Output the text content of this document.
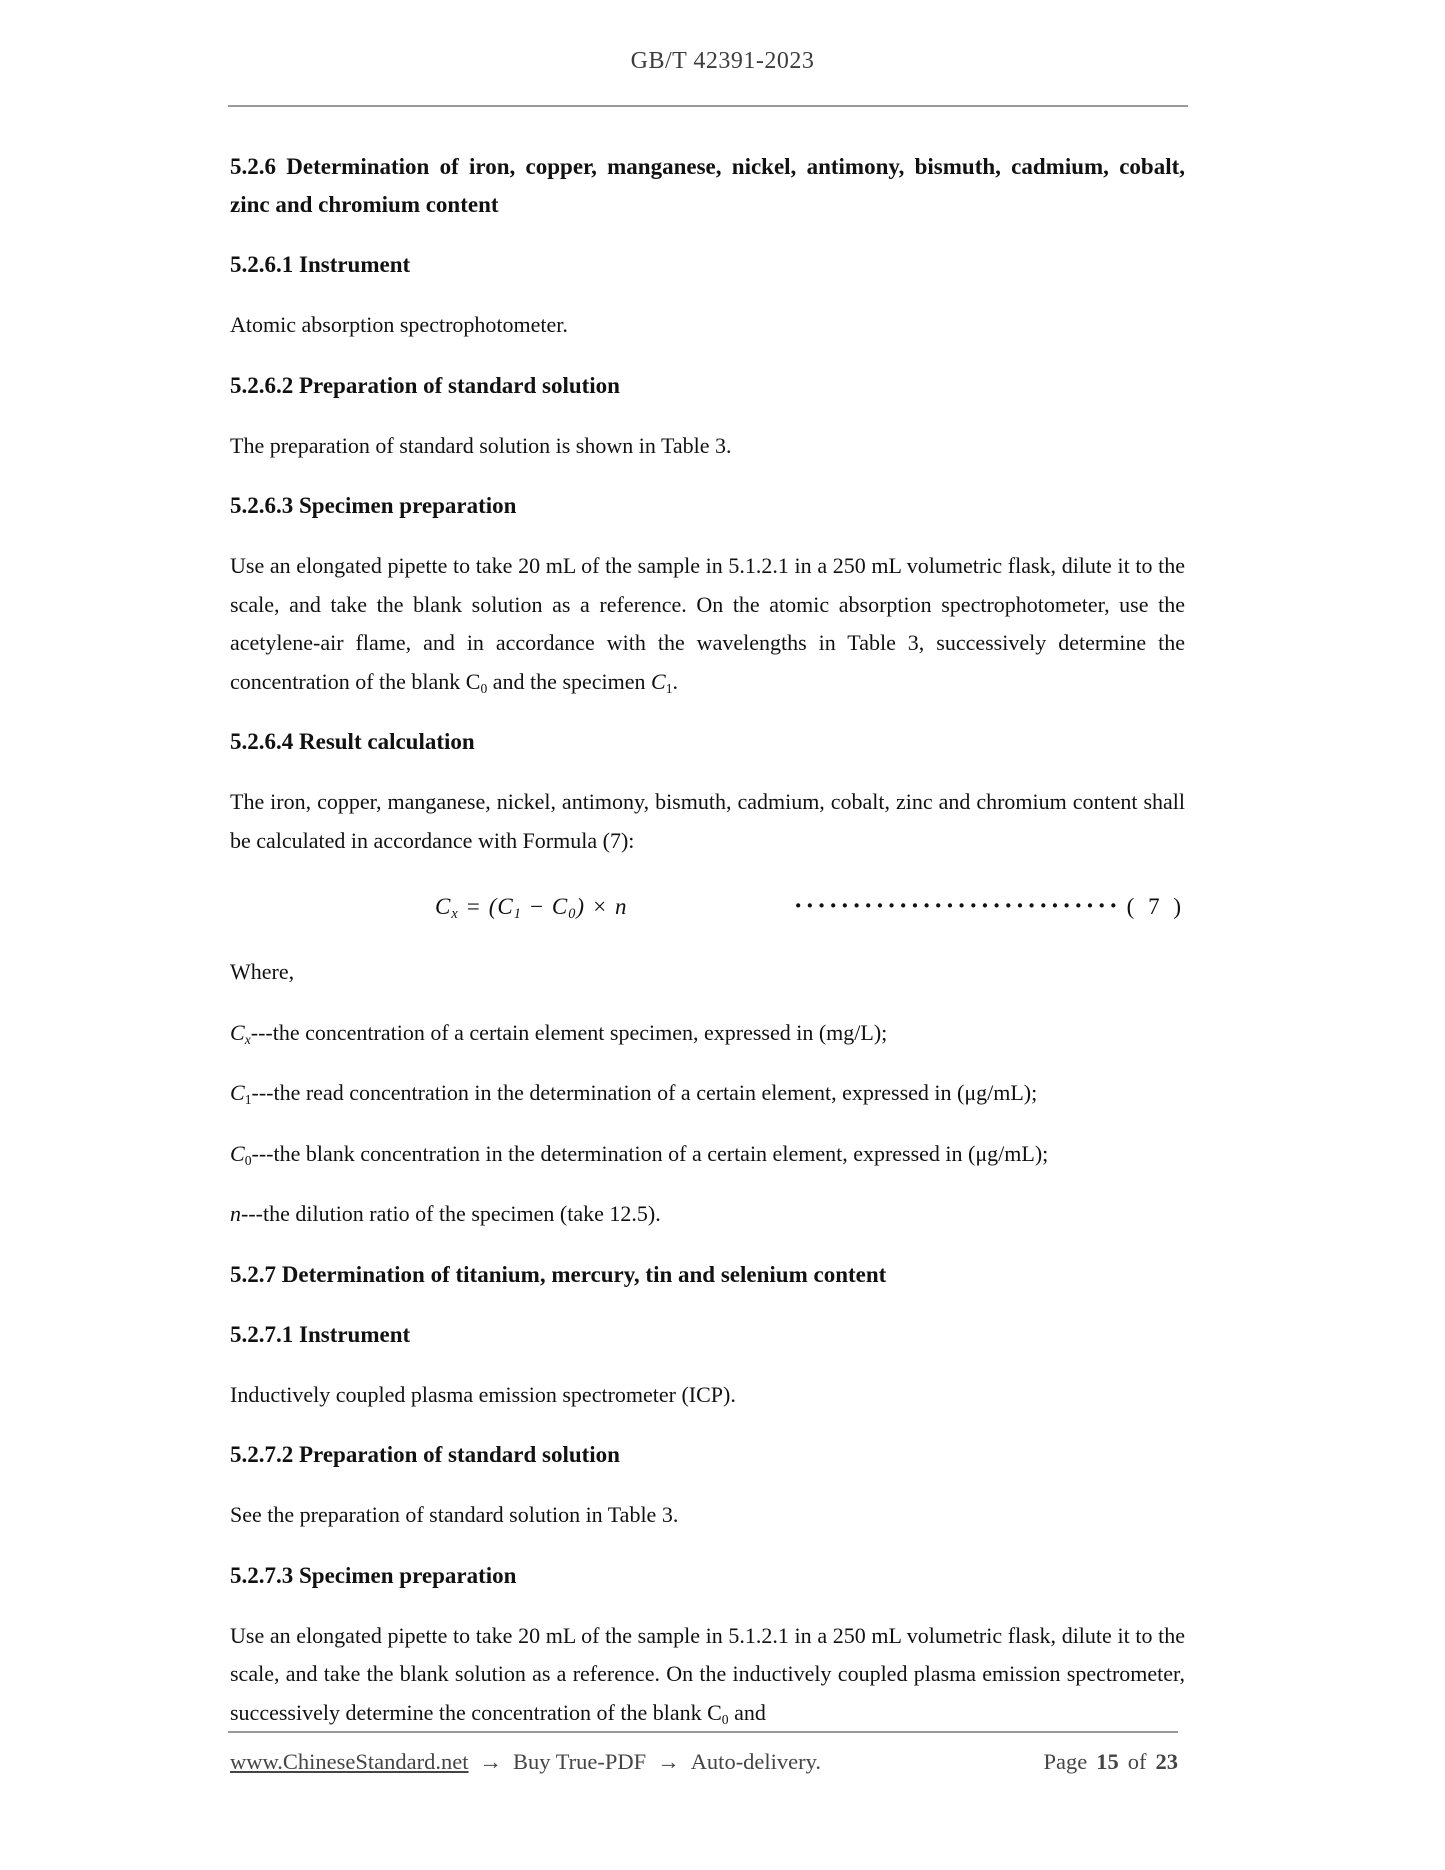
GB/T 42391-2023
5.2.6 Determination of iron, copper, manganese, nickel, antimony, bismuth, cadmium, cobalt, zinc and chromium content
5.2.6.1 Instrument

Atomic absorption spectrophotometer.

5.2.6.2 Preparation of standard solution

The preparation of standard solution is shown in Table 3.

5.2.6.3 Specimen preparation

Use an elongated pipette to take 20 mL of the sample in 5.1.2.1 in a 250 mL volumetric flask, dilute it to the scale, and take the blank solution as a reference. On the atomic absorption spectrophotometer, use the acetylene-air flame, and in accordance with the wavelengths in Table 3, successively determine the concentration of the blank $C_0$ and the specimen $C_1$.

5.2.6.4 Result calculation

The iron, copper, manganese, nickel, antimony, bismuth, cadmium, cobalt, zinc and chromium content shall be calculated in accordance with Formula (7):

$C_x = (C_1 - C_0) \times n$	···························· ( 7 )

Where,

$C_x--$-the concentration of a certain element specimen, expressed in (mg/L);

$C_1--$-the read concentration in the determination of a certain element, expressed in (μg/mL);

$C_0--$-the blank concentration in the determination of a certain element, expressed in (μg/mL);

n---the dilution ratio of the specimen (take 12.5).

5.2.7 Determination of titanium, mercury, tin and selenium content
5.2.7.1 Instrument

Inductively coupled plasma emission spectrometer (ICP).

5.2.7.2 Preparation of standard solution

See the preparation of standard solution in Table 3.

5.2.7.3 Specimen preparation

Use an elongated pipette to take 20 mL of the sample in 5.1.2.1 in a 250 mL volumetric flask, dilute it to the scale, and take the blank solution as a reference. On the inductively coupled plasma emission spectrometer, successively determine the concentration of the blank $C_0$ and

www.ChineseStandard.net → Buy True-PDF → Auto-delivery.	Page 15 of 23
